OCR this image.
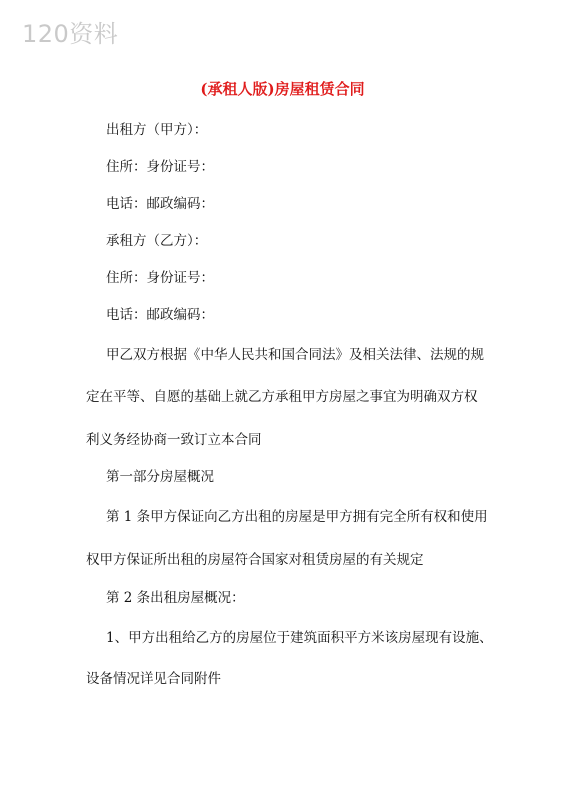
120资料
(承租人版)房屋租赁合同
出租方（甲方）：
住所：身份证号：
电话：邮政编码：
承租方（乙方）：
住所：身份证号：
电话：邮政编码：
甲乙双方根据《中华人民共和国合同法》及相关法律、法规的规
定在平等、自愿的基础上就乙方承租甲方房屋之事宜为明确双方权
利义务经协商一致订立本合同
第一部分房屋概况
第 1 条甲方保证向乙方出租的房屋是甲方拥有完全所有权和使用
权甲方保证所出租的房屋符合国家对租赁房屋的有关规定
第 2 条出租房屋概况：
1、甲方出租给乙方的房屋位于建筑面积平方米该房屋现有设施、
设备情况详见合同附件
